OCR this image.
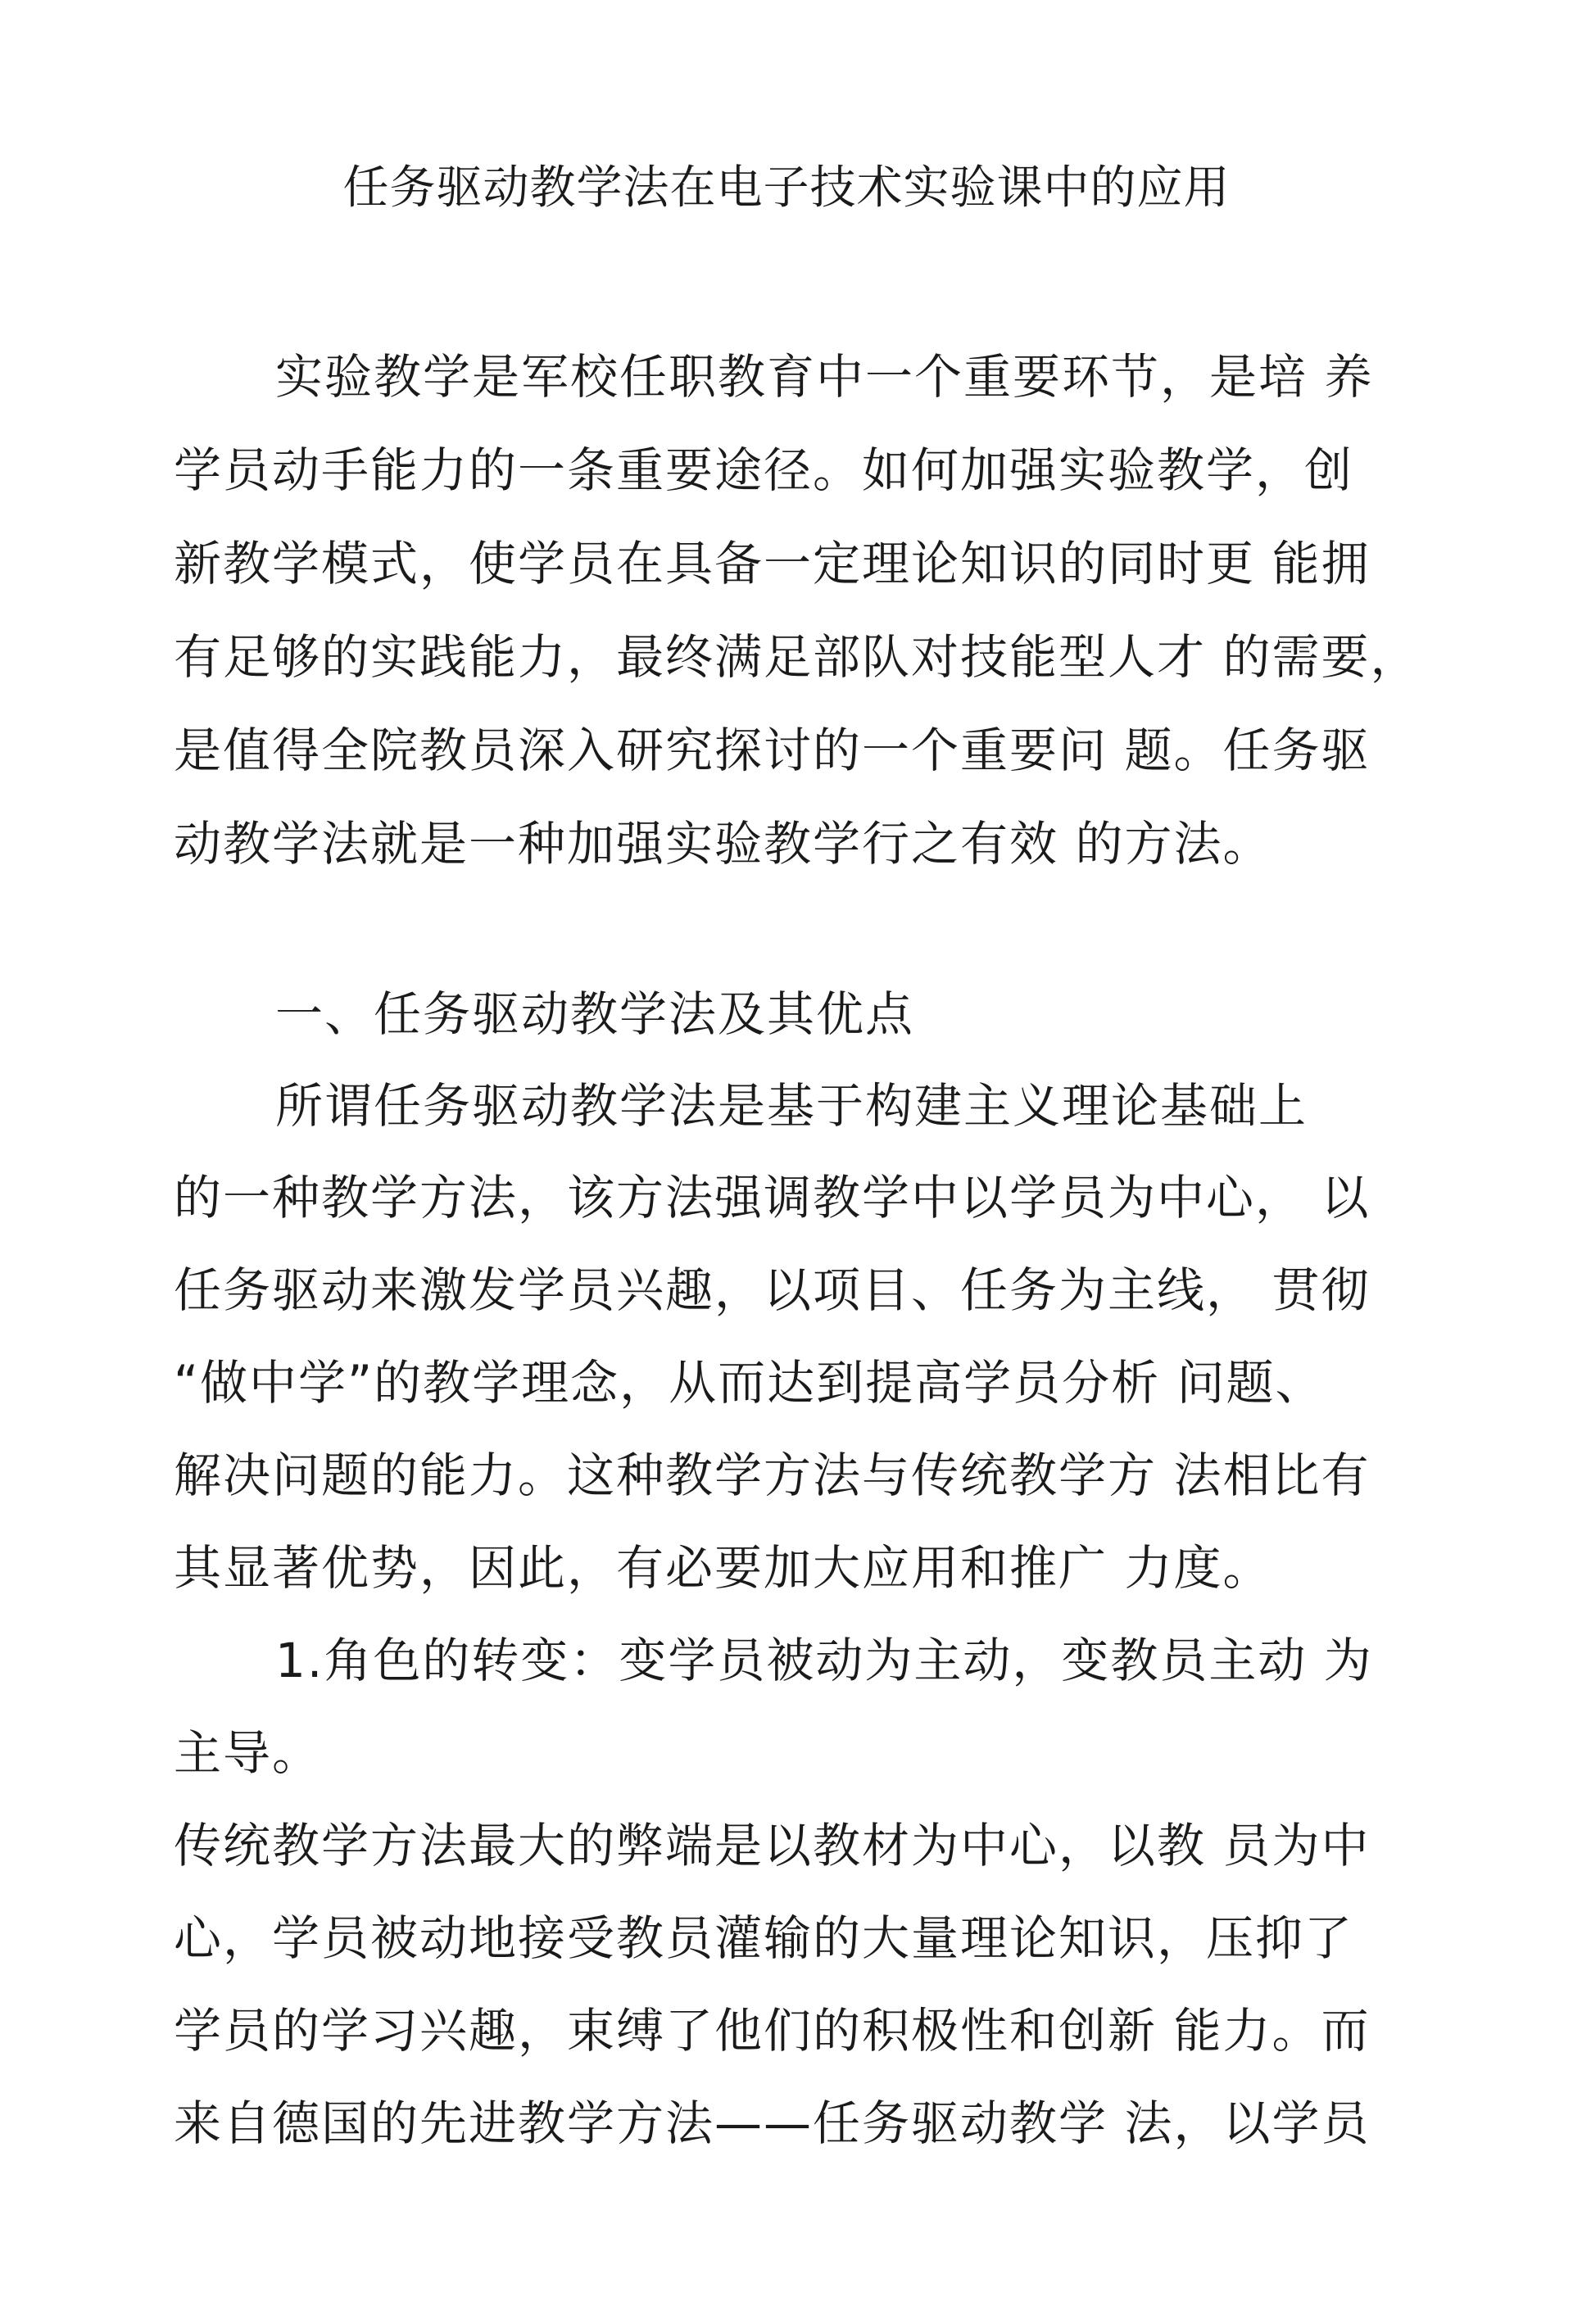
任务驱动教学法在电子技术实验课中的应用
实验教学是军校任职教育中一个重要环节，是培 养
学员动手能力的一条重要途径。如何加强实验教学，创
新教学模式，使学员在具备一定理论知识的同时更 能拥
有足够的实践能力，最终满足部队对技能型人才 的需要，
是值得全院教员深入研究探讨的一个重要问 题。任务驱
动教学法就是一种加强实验教学行之有效 的方法。
一、任务驱动教学法及其优点
所谓任务驱动教学法是基于构建主义理论基础上
的一种教学方法，该方法强调教学中以学员为中心， 以
任务驱动来激发学员兴趣，以项目、任务为主线， 贯彻
“做中学”的教学理念，从而达到提高学员分析 问题、
解决问题的能力。这种教学方法与传统教学方 法相比有
其显著优势，因此，有必要加大应用和推广 力度。
1.角色的转变：变学员被动为主动，变教员主动 为
主导。
传统教学方法最大的弊端是以教材为中心，以教 员为中
心，学员被动地接受教员灌输的大量理论知识，压抑了
学员的学习兴趣，束缚了他们的积极性和创新 能力。而
来自德国的先进教学方法——任务驱动教学 法，以学员
